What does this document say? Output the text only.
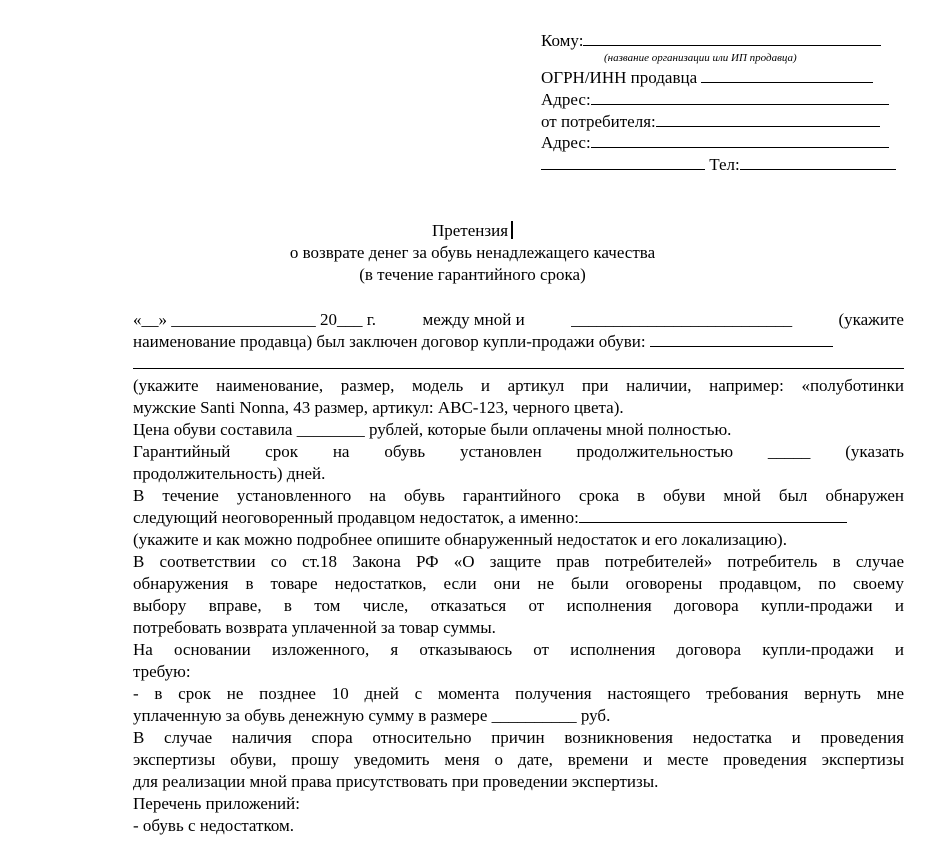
Кому:
(название организации или ИП продавца)
ОГРН/ИНН продавца
Адрес:
от потребителя:
Адрес:
Тел:
Претензия
о возврате денег за обувь ненадлежащего качества
(в течение гарантийного срока)
«__» _________________ 20___ г.	между мной и	__________________________	(укажите
наименование продавца) был заключен договор купли-продажи обуви:
(укажите наименование, размер, модель и артикул при наличии, например: «полуботинки
мужские Santi Nonna, 43 размер, артикул: АВС-123, черного цвета).
Цена обуви составила ________ рублей, которые были оплачены мной полностью.
Гарантийный срок на обувь установлен продолжительностью _____ (указать
продолжительность) дней.
В течение установленного на обувь гарантийного срока в обуви мной был обнаружен
следующий неоговоренный продавцом недостаток, а именно:
(укажите и как можно подробнее опишите обнаруженный недостаток и его локализацию).
В соответствии со ст.18 Закона РФ «О защите прав потребителей» потребитель в случае
обнаружения в товаре недостатков, если они не были оговорены продавцом, по своему
выбору вправе, в том числе, отказаться от исполнения договора купли-продажи и
потребовать возврата уплаченной за товар суммы.
На основании изложенного, я отказываюсь от исполнения договора купли-продажи и
требую:
- в срок не позднее 10 дней с момента получения настоящего требования вернуть мне
уплаченную за обувь денежную сумму в размере __________ руб.
В случае наличия спора относительно причин возникновения недостатка и проведения
экспертизы обуви, прошу уведомить меня о дате, времени и месте проведения экспертизы
для реализации мной права присутствовать при проведении экспертизы.
Перечень приложений:
- обувь с недостатком.
